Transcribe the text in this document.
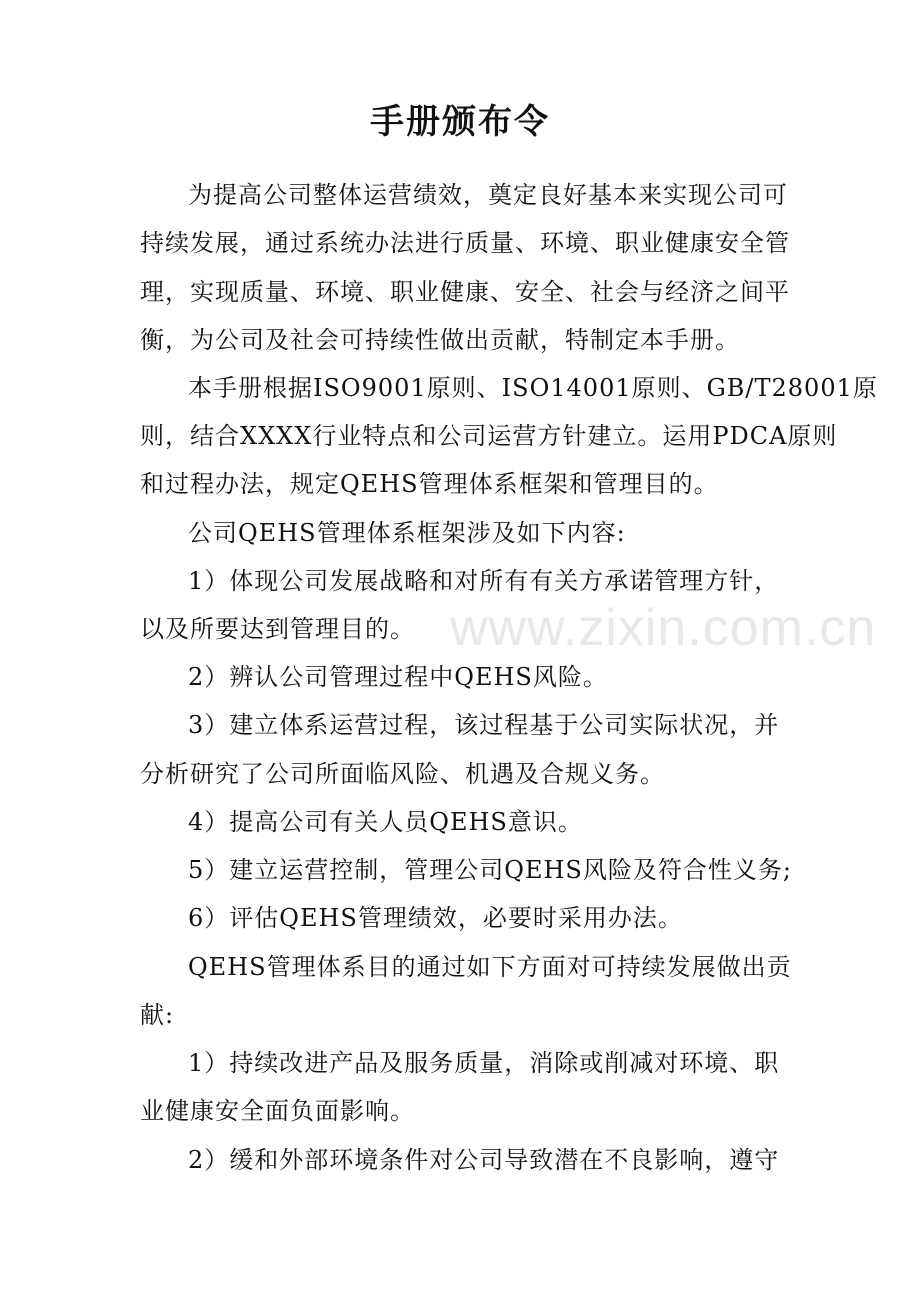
手册颁布令
为提高公司整体运营绩效，奠定良好基本来实现公司可
持续发展，通过系统办法进行质量、环境、职业健康安全管
理，实现质量、环境、职业健康、安全、社会与经济之间平
衡，为公司及社会可持续性做出贡献，特制定本手册。
本手册根据ISO9001原则、ISO14001原则、GB/T28001原
则，结合XXXX行业特点和公司运营方针建立。运用PDCA原则
和过程办法，规定QEHS管理体系框架和管理目的。
公司QEHS管理体系框架涉及如下内容:
1）体现公司发展战略和对所有有关方承诺管理方针，
以及所要达到管理目的。
2）辨认公司管理过程中QEHS风险。
3）建立体系运营过程，该过程基于公司实际状况，并
分析研究了公司所面临风险、机遇及合规义务。
4）提高公司有关人员QEHS意识。
5）建立运营控制，管理公司QEHS风险及符合性义务;
6）评估QEHS管理绩效，必要时采用办法。
QEHS管理体系目的通过如下方面对可持续发展做出贡
献:
1）持续改进产品及服务质量，消除或削减对环境、职
业健康安全面负面影响。
2）缓和外部环境条件对公司导致潜在不良影响，遵守
www.zixin.com.cn
